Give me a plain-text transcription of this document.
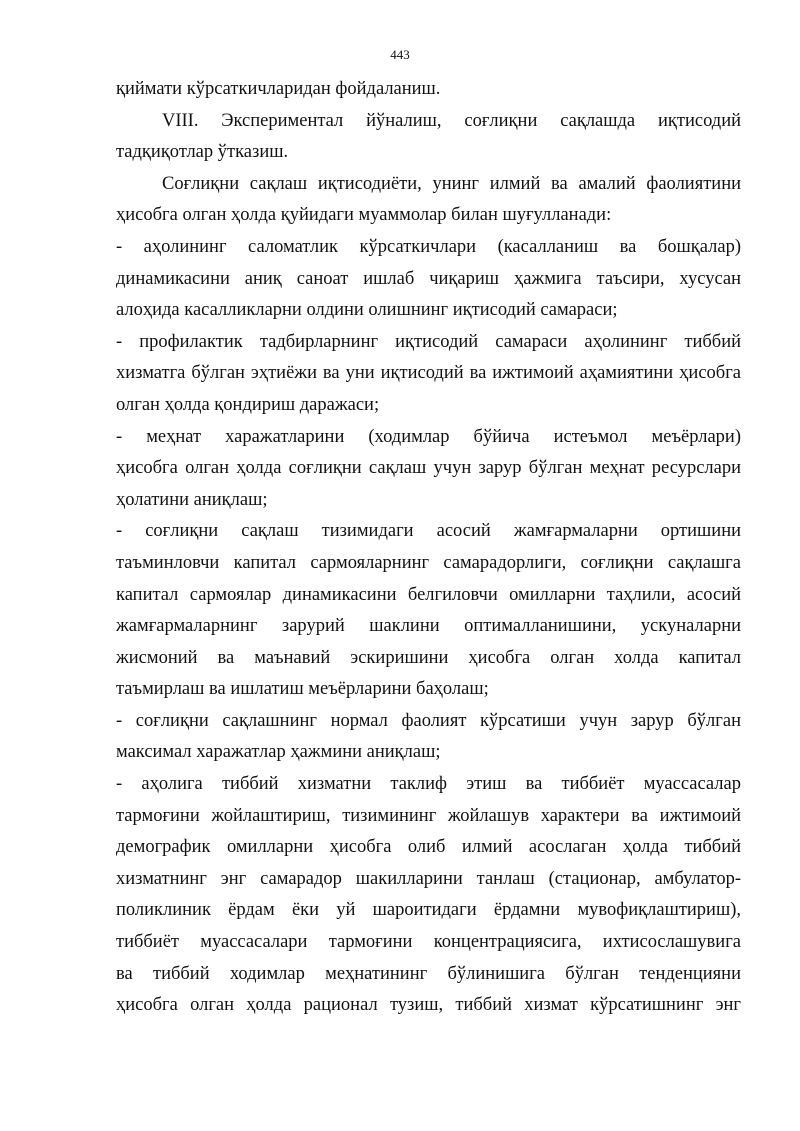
443
қиймати кўрсаткичларидан фойдаланиш.
VIII. Экспериментал йўналиш, соғлиқни сақлашда иқтисодий
тадқиқотлар ўтказиш.
Соғлиқни сақлаш иқтисодиёти, унинг илмий ва амалий фаолиятини
ҳисобга олган ҳолда қуйидаги муаммолар билан шуғулланади:
- аҳолининг саломатлик кўрсаткичлари (касалланиш ва бошқалар)
динамикасини аниқ саноат ишлаб чиқариш ҳажмига таъсири, хусусан
алоҳида касалликларни олдини олишнинг иқтисодий самараси;
- профилактик тадбирларнинг иқтисодий самараси аҳолининг тиббий
хизматга бўлган эҳтиёжи ва уни иқтисодий ва ижтимоий аҳамиятини ҳисобга
олган ҳолда қондириш даражаси;
- меҳнат харажатларини (ходимлар бўйича истеъмол меъёрлари)
ҳисобга олган ҳолда соғлиқни сақлаш учун зарур бўлган меҳнат ресурслари
ҳолатини аниқлаш;
- соғлиқни сақлаш тизимидаги асосий жамғармаларни ортишини
таъминловчи капитал сармояларнинг самарадорлиги, соғлиқни сақлашга
капитал сармоялар динамикасини белгиловчи омилларни таҳлили, асосий
жамғармаларнинг зарурий шаклини оптималланишини, ускуналарни
жисмоний ва маънавий эскиришини ҳисобга олган холда капитал
таъмирлаш ва ишлатиш меъёрларини баҳолаш;
- соғлиқни сақлашнинг нормал фаолият кўрсатиши учун зарур бўлган
максимал харажатлар ҳажмини аниқлаш;
- аҳолига тиббий хизматни таклиф этиш ва тиббиёт муассасалар
тармоғини жойлаштириш, тизимининг жойлашув характери ва ижтимоий
демографик омилларни ҳисобга олиб илмий асослаган ҳолда тиббий
хизматнинг энг самарадор шакилларини танлаш (стационар, амбулатор-
поликлиник ёрдам ёки уй шароитидаги ёрдамни мувофиқлаштириш),
тиббиёт муассасалари тармоғини концентрациясига, ихтисослашувига
ва тиббий ходимлар меҳнатининг бўлинишига бўлган тенденцияни
ҳисобга олган ҳолда рационал тузиш, тиббий хизмат кўрсатишнинг энг
